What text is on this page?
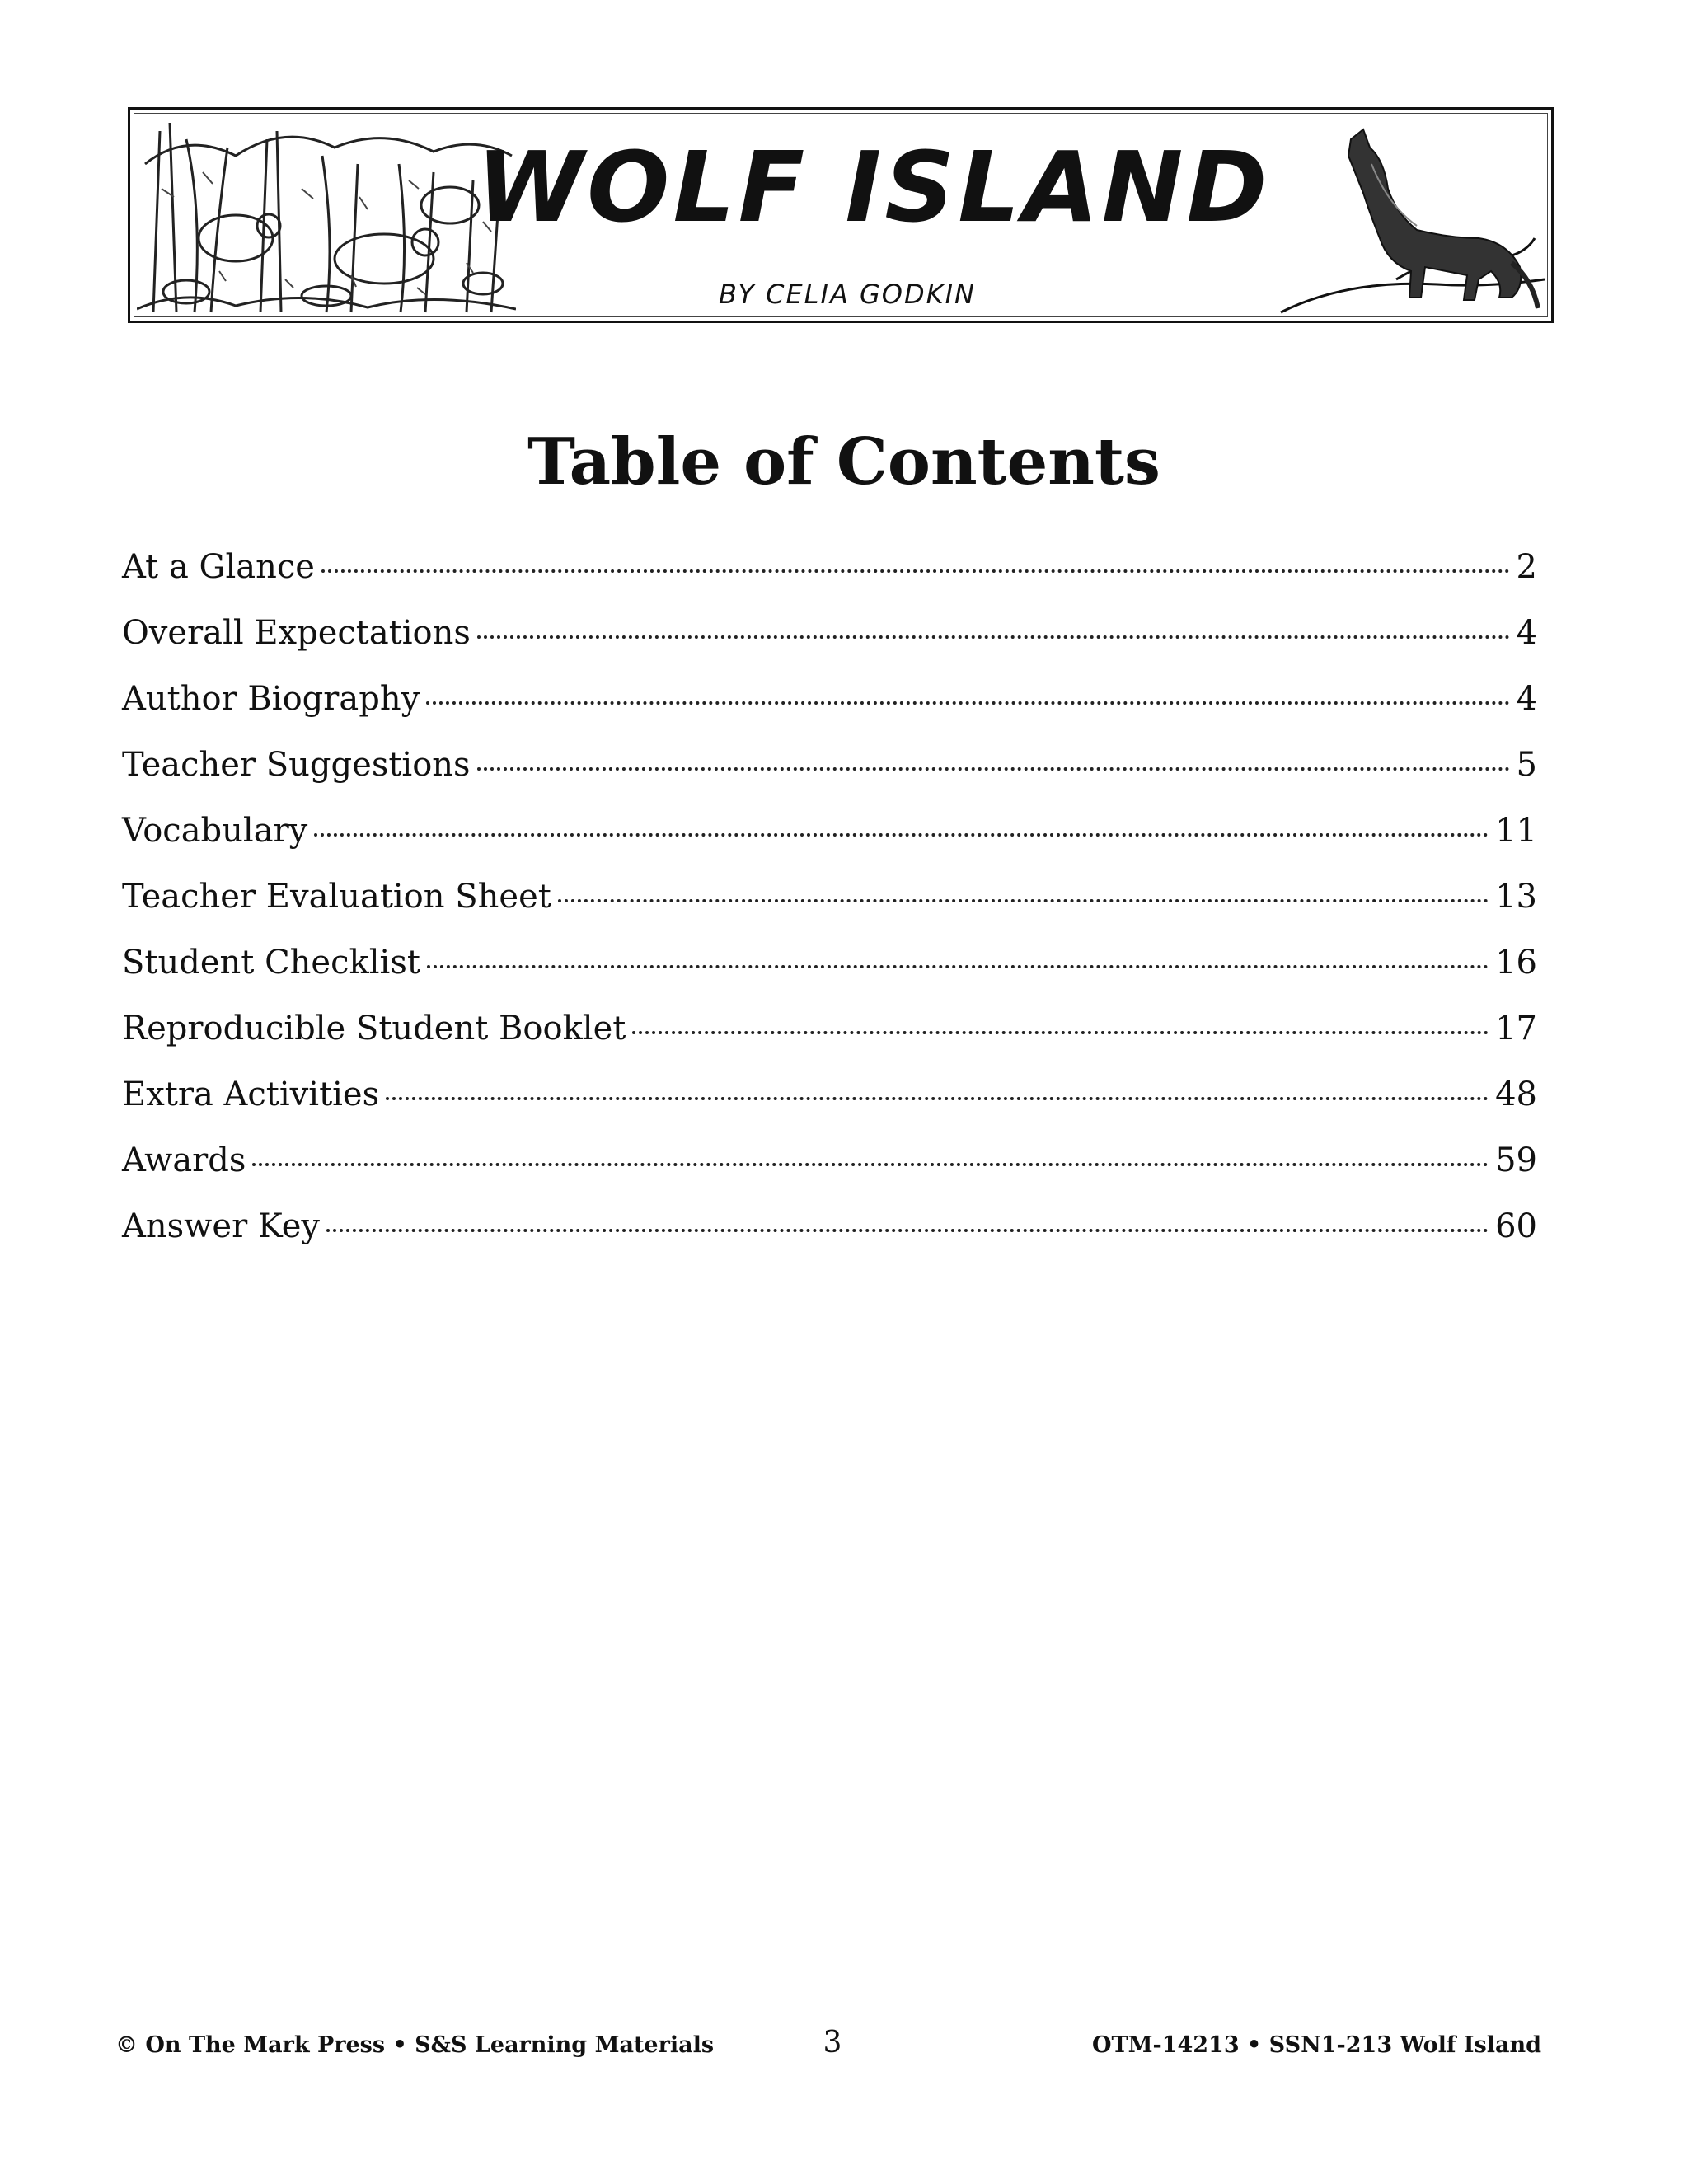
WOLF ISLAND
BY CELIA GODKIN
Table of Contents
At a Glance	2
Overall Expectations	4
Author Biography	4
Teacher Suggestions	5
Vocabulary	11
Teacher Evaluation Sheet	13
Student Checklist	16
Reproducible Student Booklet	17
Extra Activities	48
Awards	59
Answer Key	60
© On The Mark Press • S&S Learning Materials	3	OTM-14213 • SSN1-213 Wolf Island
